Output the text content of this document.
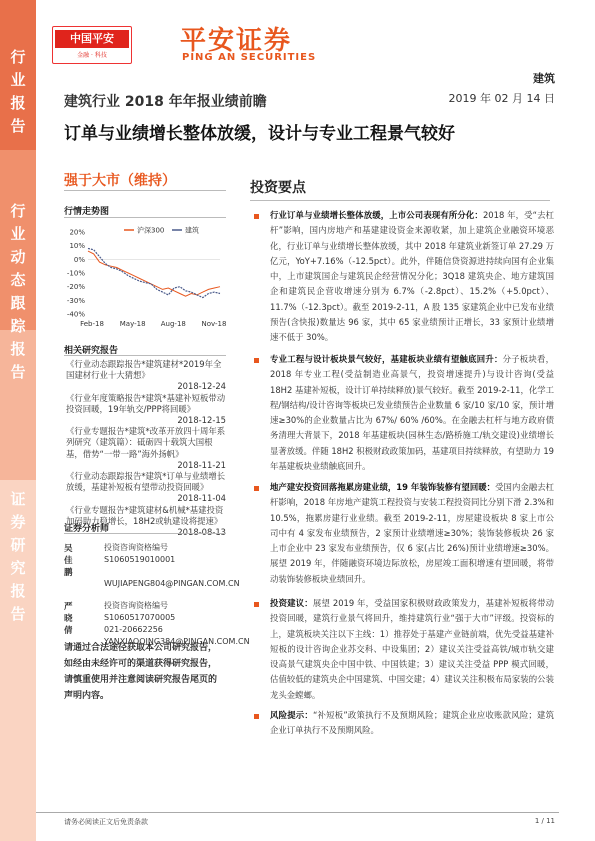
行
业
报
告
行
业
动
态
跟
踪
报
告
证
券
研
究
报
告
中国平安
金融 · 科技	平安证券
PING AN SECURITIES
建筑
建筑行业 2018 年年报业绩前瞻	2019 年 02 月 14 日
订单与业绩增长整体放缓，设计与专业工程景气较好
强于大市（维持）
行情走势图
20%
10%
0%
-10%
-20%
-30%
-40%
Feb-18 May-18 Aug-18 Nov-18
沪深300	建筑
相关研究报告
《行业动态跟踪报告*建筑建材*2019年全国建材行业十大猜想》
2018-12-24
《行业年度策略报告*建筑*基建补短板带动投资回暖，19年轨交/PPP将回暖》
2018-12-15
《行业专题报告*建筑*改革开放四十周年系列研究（建筑篇）：砥砺四十载筑大国根基，借势“一带一路”海外扬帆》
2018-11-21
《行业动态跟踪报告*建筑*订单与业绩增长放缓，基建补短板有望带动投资回暖》
2018-11-04
《行业专题报告*建筑建材&机械*基建投资加码助力稳增长，18H2或轨建设将提速》
2018-08-13
证券分析师
吴佳鹏
投资咨询资格编号
S1060519010001
WUJIAPENG804@PINGAN.COM.CN
严晓倩
投资咨询资格编号
S1060517070005
021-20662256
YANXIAOQING384@PINGAN.COM.CN
请通过合法途径获取本公司研究报告，如经由未经许可的渠道获得研究报告，请慎重使用并注意阅读研究报告尾页的声明内容。
投资要点
行业订单与业绩增长整体放缓，上市公司表现有所分化：2018 年，受“去杠杆”影响，国内房地产和基建建设资金来源收紧，加上建筑企业融资环境恶化，行业订单与业绩增长整体放缓，其中 2018 年建筑业新签订单 27.29 万亿元，YoY+7.16%（-12.5pct）。此外，伴随信贷资源进持续向国有企业集中，上市建筑国企与建筑民企经营情况分化；3Q18 建筑央企、地方建筑国企和建筑民企营收增速分别为 6.7%（-2.8pct）、15.2%（+5.0pct）、11.7%（-12.3pct）。截至 2019-2-11，A 股 135 家建筑企业中已发布业绩预告(含快报)数量达 96 家，其中 65 家业绩预计正增长，33 家预计业绩增速不低于 30%。
专业工程与设计板块景气较好，基建板块业绩有望触底回升：分子板块看，2018 年专业工程(受益制造业高景气，投资增速提升)与设计咨询(受益 18H2 基建补短板，设计订单持续释放)景气较好。截至 2019-2-11，化学工程/钢结构/设计咨询等板块已发业绩预告企业数量 6 家/10 家/10 家，预计增速≥30%的企业数量占比为 67%/ 60% /60%。在金融去杠杆与地方政府债务清理大背景下，2018 年基建板块(园林生态/路桥施工/轨交建设)业绩增长显著放缓。伴随 18H2 积极财政政策加码，基建项目持续释放，有望助力 19 年基建板块业绩触底回升。
地产建安投资回落拖累房建业绩，19 年装饰装修有望回暖：受国内金融去杠杆影响，2018 年房地产建筑工程投资与安装工程投资同比分别下滑 2.3%和 10.5%，拖累房建行业业绩。截至 2019-2-11，房屋建设板块 8 家上市公司中有 4 家发布业绩预告，2 家预计业绩增速≥30%；装饰装修板块 26 家上市企业中 23 家发布业绩预告，仅 6 家(占比 26%)预计业绩增速≥30%。展望 2019 年，伴随融资环境边际放松，房屋竣工面积增速有望回暖，将带动装饰装修板块业绩回升。
投资建议：展望 2019 年，受益国家积极财政政策发力，基建补短板将带动投资回暖，建筑行业景气将回升，维持建筑行业“强于大市”评级。投资标的上，建筑板块关注以下主线：1）推荐处于基建产业链前端，优先受益基建补短板的设计咨询企业苏交科、中设集团；2）建议关注受益高铁/城市轨交建设高景气建筑央企中国中铁、中国铁建；3）建议关注受益 PPP 模式回暖，估值较低的建筑央企中国建筑、中国交建；4）建议关注积极布局家装的公装龙头金螳螂。
风险提示：“补短板”政策执行不及预期风险；建筑企业应收账款风险；建筑企业订单执行不及预期风险。
请务必阅读正文后免责条款	1 / 11
